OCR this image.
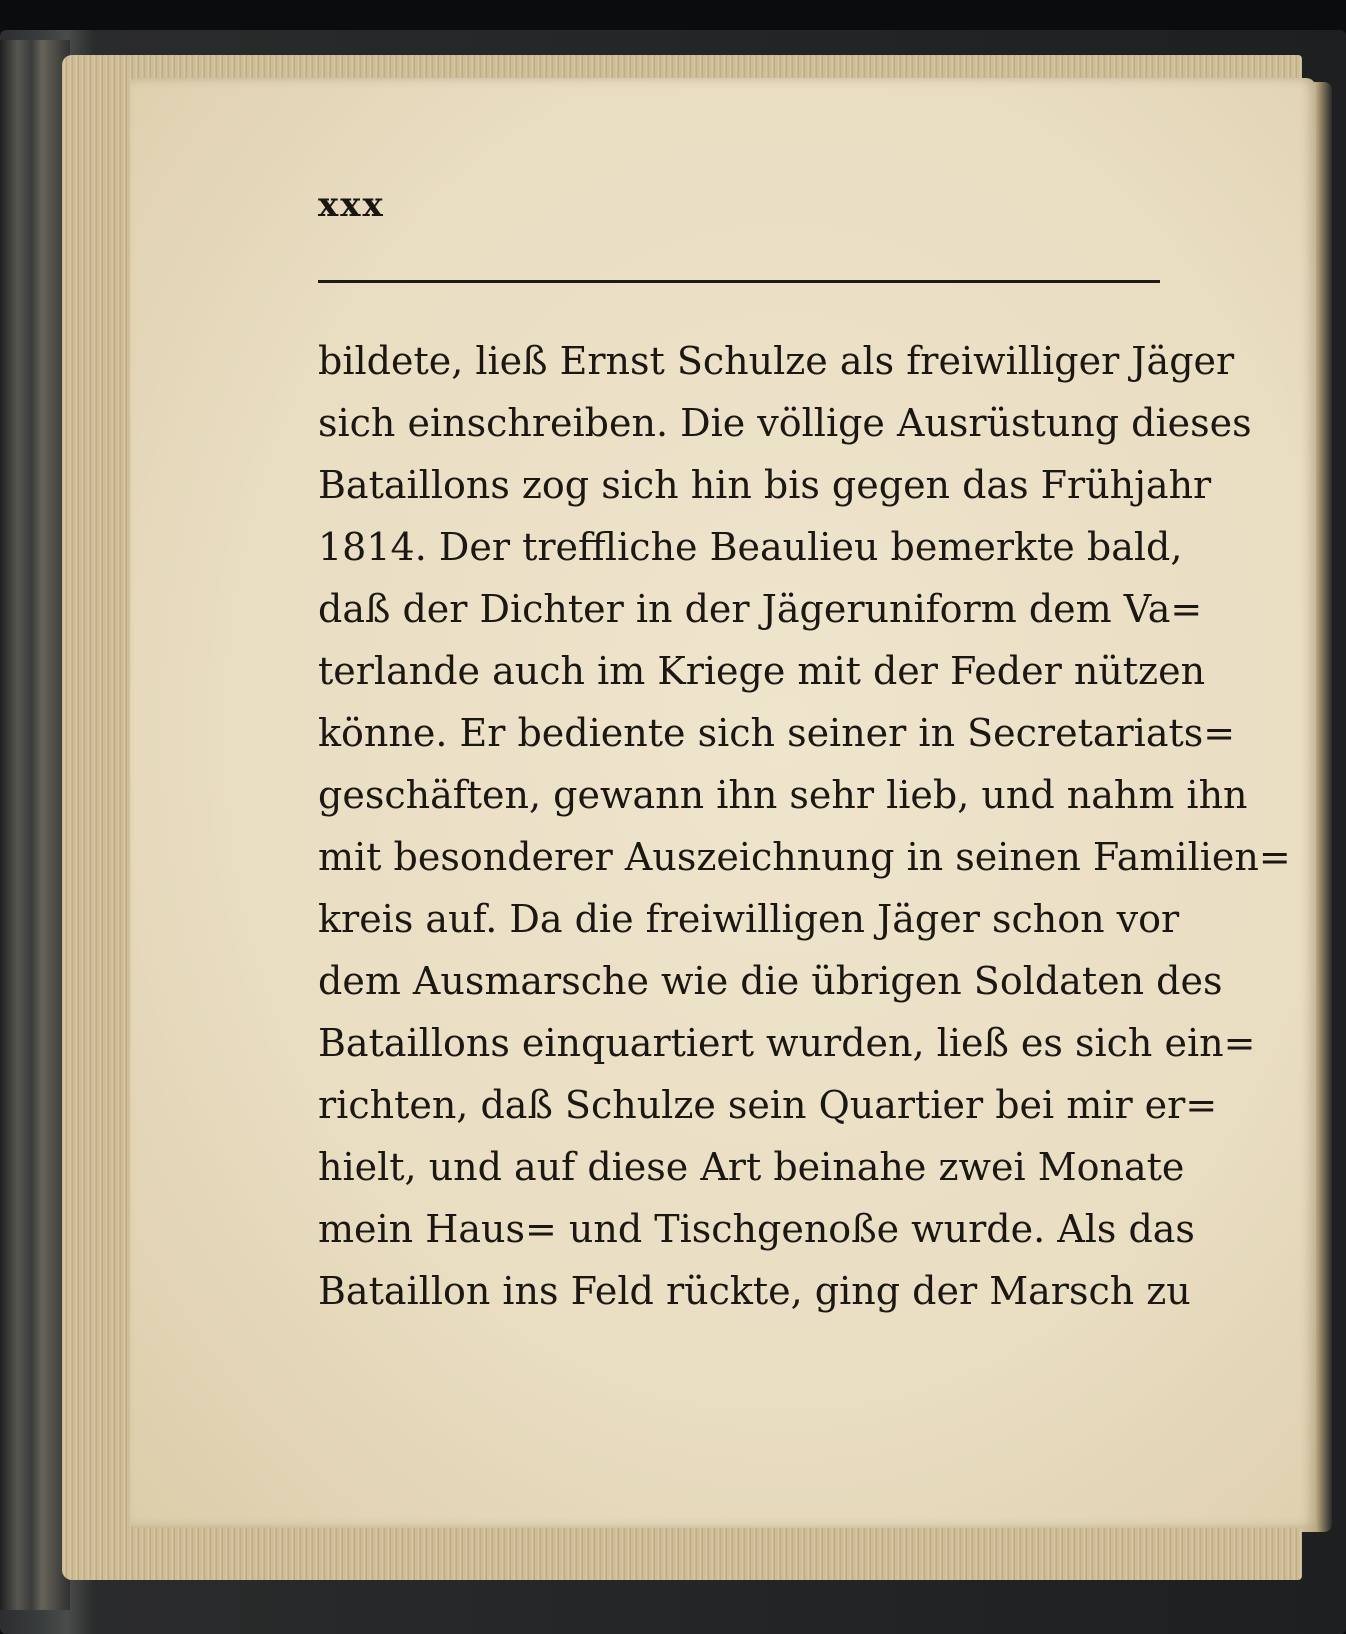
xxx

bildete, ließ Ernst Schulze als freiwilliger Jäger
sich einschreiben. Die völlige Ausrüstung dieses
Bataillons zog sich hin bis gegen das Frühjahr
1814. Der treffliche Beaulieu bemerkte bald,
daß der Dichter in der Jägeruniform dem Va=
terlande auch im Kriege mit der Feder nützen
könne. Er bediente sich seiner in Secretariats=
geschäften, gewann ihn sehr lieb, und nahm ihn
mit besonderer Auszeichnung in seinen Familien=
kreis auf. Da die freiwilligen Jäger schon vor
dem Ausmarsche wie die übrigen Soldaten des
Bataillons einquartiert wurden, ließ es sich ein=
richten, daß Schulze sein Quartier bei mir er=
hielt, und auf diese Art beinahe zwei Monate
mein Haus= und Tischgenoße wurde. Als das
Bataillon ins Feld rückte, ging der Marsch zu
